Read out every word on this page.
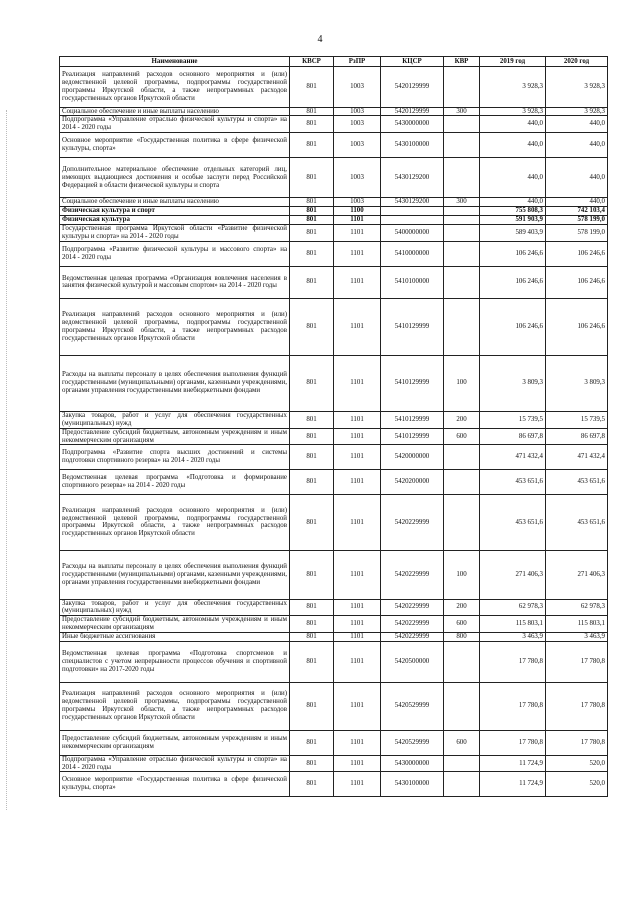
4
Наименование	КВСР	РзПР	КЦСР	КВР	2019 год	2020 год
Реализация направлений расходов основного мероприятия и (или) ведомственной целевой программы, подпрограммы государственной программы Иркутской области, а также непрограммных расходов государственных органов Иркутской области	801	1003	5420129999		3 928,3	3 928,3
Социальное обеспечение и иные выплаты населению	801	1003	5420129999	300	3 928,3	3 928,3
Подпрограмма «Управление отраслью физической культуры и спорта» на 2014 - 2020 годы	801	1003	5430000000		440,0	440,0
Основное мероприятие «Государственная политика в сфере физической культуры, спорта»	801	1003	5430100000		440,0	440,0
Дополнительное материальное обеспечение отдельных категорий лиц, имеющих выдающиеся достижения и особые заслуги перед Российской Федерацией в области физической культуры и спорта	801	1003	5430129200		440,0	440,0
Социальное обеспечение и иные выплаты населению	801	1003	5430129200	300	440,0	440,0
Физическая культура и спорт	801	1100			755 808,3	742 103,4
Физическая культура	801	1101			591 903,9	578 199,0
Государственная программа Иркутской области «Развитие физической культуры и спорта» на 2014 - 2020 годы	801	1101	5400000000		589 403,9	578 199,0
Подпрограмма «Развитие физической культуры и массового спорта» на 2014 - 2020 годы	801	1101	5410000000		106 246,6	106 246,6
Ведомственная целевая программа «Организация вовлечения населения в занятия физической культурой и массовым спортом» на 2014 - 2020 годы	801	1101	5410100000		106 246,6	106 246,6
Реализация направлений расходов основного мероприятия и (или) ведомственной целевой программы, подпрограммы государственной программы Иркутской области, а также непрограммных расходов государственных органов Иркутской области	801	1101	5410129999		106 246,6	106 246,6
Расходы на выплаты персоналу в целях обеспечения выполнения функций государственными (муниципальными) органами, казенными учреждениями, органами управления государственными внебюджетными фондами	801	1101	5410129999	100	3 809,3	3 809,3
Закупка товаров, работ и услуг для обеспечения государственных (муниципальных) нужд	801	1101	5410129999	200	15 739,5	15 739,5
Предоставление субсидий бюджетным, автономным учреждениям и иным некоммерческим организациям	801	1101	5410129999	600	86 697,8	86 697,8
Подпрограмма «Развитие спорта высших достижений и системы подготовки спортивного резерва» на 2014 - 2020 годы	801	1101	5420000000		471 432,4	471 432,4
Ведомственная целевая программа «Подготовка и формирование спортивного резерва» на 2014 - 2020 годы	801	1101	5420200000		453 651,6	453 651,6
Реализация направлений расходов основного мероприятия и (или) ведомственной целевой программы, подпрограммы государственной программы Иркутской области, а также непрограммных расходов государственных органов Иркутской области	801	1101	5420229999		453 651,6	453 651,6
Расходы на выплаты персоналу в целях обеспечения выполнения функций государственными (муниципальными) органами, казенными учреждениями, органами управления государственными внебюджетными фондами	801	1101	5420229999	100	271 406,3	271 406,3
Закупка товаров, работ и услуг для обеспечения государственных (муниципальных) нужд	801	1101	5420229999	200	62 978,3	62 978,3
Предоставление субсидий бюджетным, автономным учреждениям и иным некоммерческим организациям	801	1101	5420229999	600	115 803,1	115 803,1
Иные бюджетные ассигнования	801	1101	5420229999	800	3 463,9	3 463,9
Ведомственная целевая программа «Подготовка спортсменов и специалистов с учетом непрерывности процессов обучения и спортивной подготовки» на 2017-2020 годы	801	1101	5420500000		17 780,8	17 780,8
Реализация направлений расходов основного мероприятия и (или) ведомственной целевой программы, подпрограммы государственной программы Иркутской области, а также непрограммных расходов государственных органов Иркутской области	801	1101	5420529999		17 780,8	17 780,8
Предоставление субсидий бюджетным, автономным учреждениям и иным некоммерческим организациям	801	1101	5420529999	600	17 780,8	17 780,8
Подпрограмма «Управление отраслью физической культуры и спорта» на 2014 - 2020 годы	801	1101	5430000000		11 724,9	520,0
Основное мероприятие «Государственная политика в сфере физической культуры, спорта»	801	1101	5430100000		11 724,9	520,0
